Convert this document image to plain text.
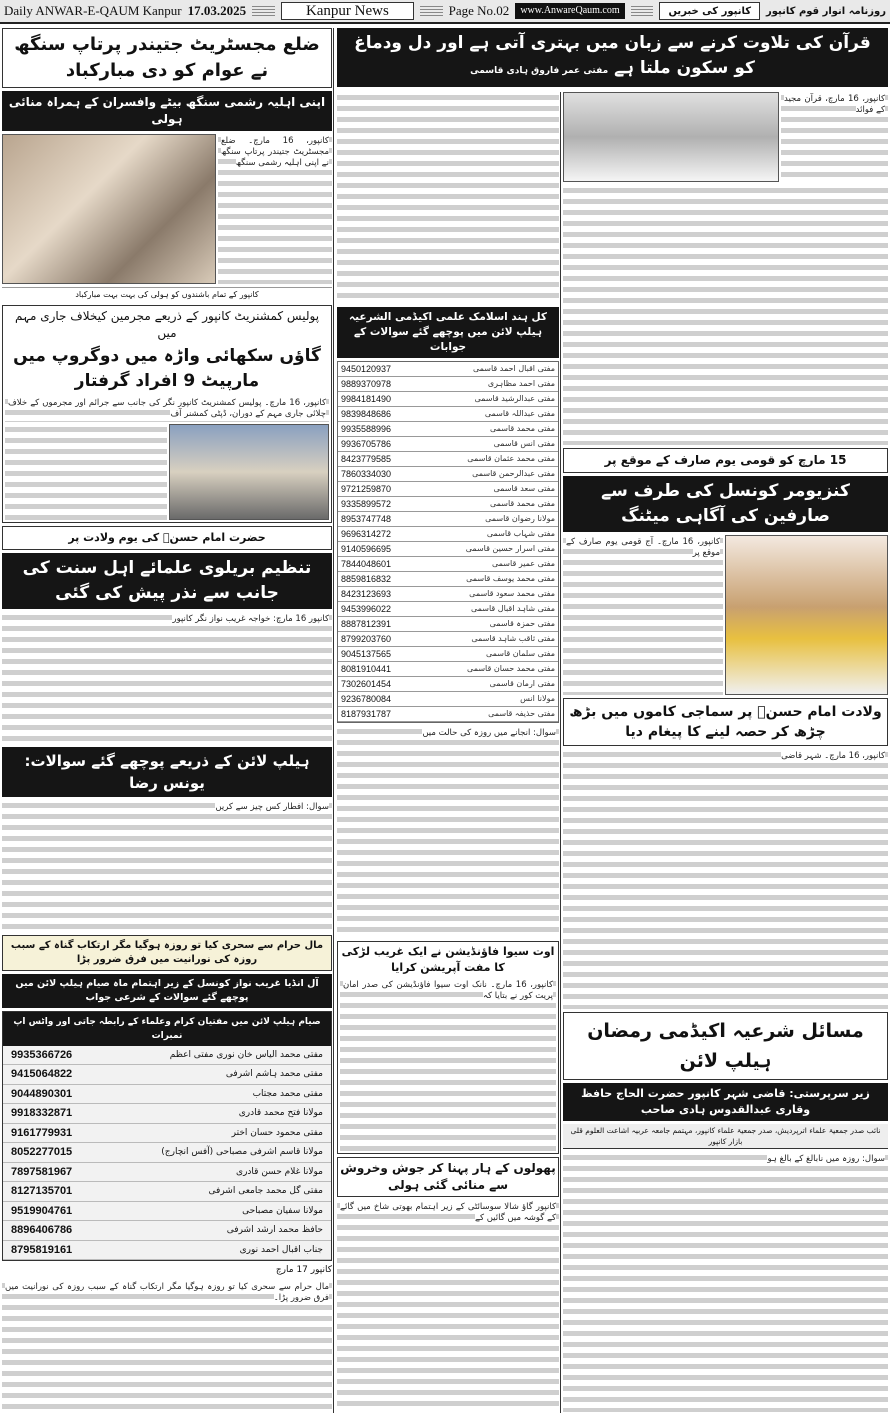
Daily ANWAR-E-QAUM Kanpur 17.03.2025	Kanpur News	Page No.02	www.AnwareQaum.com	کانپور کی خبریں	روزنامہ انوار قوم کانپور
ضلع مجسٹریٹ جتیندر پرتاپ سنگھ نے عوام کو دی مبارکباد
اپنی اہلیہ رشمی سنگھ بیٹے وافسران کے ہمراہ منائی ہولی
کانپور، 16 مارچ۔ ضلع مجسٹریٹ جتیندر پرتاپ سنگھ نے اپنی اہلیہ رشمی سنگھ
کانپور کے تمام باشندوں کو ہولی کی بہت بہت مبارکباد
پولیس کمشنریٹ کانپور کے ذریعے مجرمین کیخلاف جاری مہم میں
گاؤں سکھائی واڑہ میں دوگروپ میں مارپیٹ 9 افراد گرفتار
کانپور، 16 مارچ۔ پولیس کمشنریٹ کانپور نگر کی جانب سے جرائم اور مجرموں کے خلاف چلائی جاری مہم کے دوران، ڈپٹی کمشنر آف
حضرت امام حسنؓ کی یوم ولادت پر
تنظیم بریلوی علمائے اہل سنت کی جانب سے نذر پیش کی گئی
کانپور 16 مارچ: خواجہ غریب نواز نگر کانپور
ہیلپ لائن کے ذریعے پوچھے گئے سوالات: یونس رضا
سوال: افطار کس چیز سے کریں
مال حرام سے سحری کیا تو روزہ ہوگیا مگر ارتکاب گناہ کے سبب روزہ کی نورانیت میں فرق ضرور پڑا
آل انڈیا غریب نواز کونسل کے زیر اہتمام ماہ صیام ہیلپ لائن میں پوچھے گئے سوالات کے شرعی جواب
صیام ہیلپ لائن میں مفتیان کرام وعلماء کے رابطہ جاتی اور واٹس اپ نمبرات
9935366726	مفتی محمد الیاس خان نوری مفتی اعظم
9415064822	مفتی محمد ہاشم اشرفی
9044890301	مفتی محمد مجتاب
9918332871	مولانا فتح محمد قادری
9161779931	مفتی محمود حسان اختر
8052277015	مولانا قاسم اشرفی مصباحی (آفس انچارج)
7897581967	مولانا غلام حسن قادری
8127135701	مفتی گل محمد جامعی اشرفی
9519904761	مولانا سفیان مصباحی
8896406786	حافظ محمد ارشد اشرفی
8795819161	جناب اقبال احمد نوری
کانپور 17 مارچ
مال حرام سے سحری کیا تو روزہ ہوگیا مگر ارتکاب گناہ کے سبب روزہ کی نورانیت میں فرق ضرور پڑا۔
قرآن کی تلاوت کرنے سے زبان میں بہتری آتی ہے اور دل ودماغ کو سکون ملتا ہے مفتی عمر فاروق ہادی قاسمی
کل ہند اسلامک علمی اکیڈمی الشرعیہ ہیلپ لائن میں پوچھے گئے سوالات کے جوابات
9450120937	مفتی اقبال احمد قاسمی
9889370978	مفتی احمد مظاہری
9984181490	مفتی عبدالرشید قاسمی
9839848686	مفتی عبداللہ قاسمی
9935588996	مفتی محمد قاسمی
9936705786	مفتی انس قاسمی
8423779585	مفتی محمد عثمان قاسمی
7860334030	مفتی عبدالرحمن قاسمی
9721259870	مفتی سعد قاسمی
9335899572	مفتی محمد قاسمی
8953747748	مولانا رضوان قاسمی
9696314272	مفتی شہاب قاسمی
9140596695	مفتی اسرار حسین قاسمی
7844048601	مفتی عمیر قاسمی
8859816832	مفتی محمد یوسف قاسمی
8423123693	مفتی محمد سعود قاسمی
9453996022	مفتی شاہد اقبال قاسمی
8887812391	مفتی حمزہ قاسمی
8799203760	مفتی ثاقب شاہد قاسمی
9045137565	مفتی سلمان قاسمی
8081910441	مفتی محمد حسان قاسمی
7302601454	مفتی ارمان قاسمی
9236780084	مولانا انس
8187931787	مفتی حذیفہ قاسمی
سوال: انجانے میں روزہ کی حالت میں
اوت سیوا فاؤنڈیشن نے ایک غریب لڑکی کا مفت آپریشن کرایا
کانپور، 16 مارچ۔ نانک اوت سیوا فاؤنڈیشن کی صدر امان پریت کور نے بتایا کہ
پھولوں کے ہار پہنا کر جوش وخروش سے منائی گئی ہولی
کانپور گاؤ شالا سوسائٹی کے زیر اہتمام بھوتی شاخ میں گائے کے گوشہ میں گائیں کے
کانپور، 16 مارچ، قرآن مجید کے فوائد
15 مارچ کو قومی یوم صارف کے موقع پر
کنزیومر کونسل کی طرف سے صارفین کی آگاہی میٹنگ
کانپور، 16 مارچ۔ آج قومی یوم صارف کے موقع پر
ولادت امام حسنؓ پر سماجی کاموں میں بڑھ چڑھ کر حصہ لینے کا پیغام دیا
کانپور، 16 مارچ۔ شہر قاضی
مسائل شرعیہ اکیڈمی رمضان ہیلپ لائن
زیر سرپرستی: قاضی شہر کانپور حضرت الحاج حافظ وقاری عبدالقدوس ہادی صاحب
نائب صدر جمعیۃ علماء اترپردیش، صدر جمعیۃ علماء کانپور، مہتمم جامعہ عربیہ اشاعت العلوم قلی بازار کانپور
سوال: روزہ میں نابالغ کے بالغ ہو
